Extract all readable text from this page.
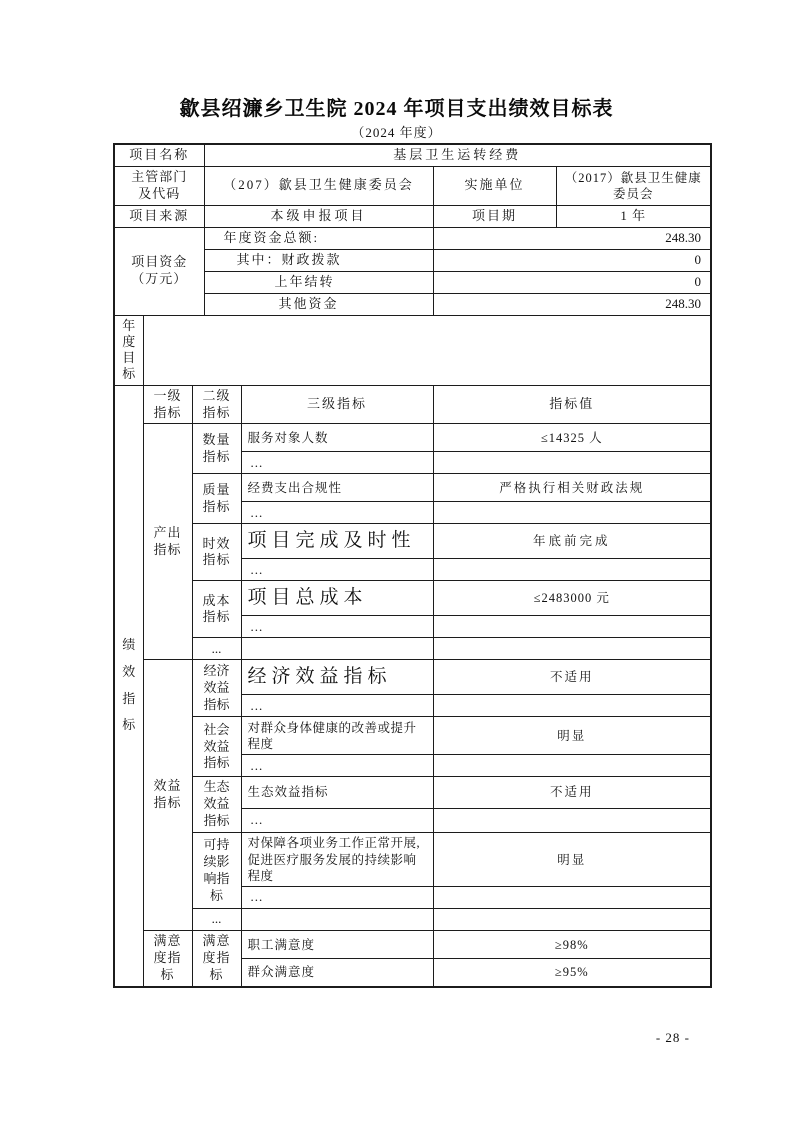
歙县绍濂乡卫生院 2024 年项目支出绩效目标表
（2024 年度）
项目名称			基层卫生运转经费			
主管部门及代码			（207）歙县卫生健康委员会		实施单位	（2017）歙县卫生健康委员会
项目来源			本级申报项目		项目期	1 年
项目资金（万元）			年度资金总额:		248.30	
			其中：财政拨款		0	
			上年结转		0	
			其他资金		248.30	
年度目标						
绩效指标	一级指标	二级指标		三级指标	指标值	
	产出指标	数量指标		服务对象人数	≤14325 人	
				...		
		质量指标		经费支出合规性	严格执行相关财政法规	
				...		
		时效指标		项目完成及时性	年底前完成	
				...		
		成本指标		项目总成本	≤2483000 元	
				...		
		...				
	效益指标	经济效益指标		经济效益指标	不适用	
				...		
		社会效益指标		对群众身体健康的改善或提升程度	明显	
				...		
		生态效益指标		生态效益指标	不适用	
				...		
		可持续影响指标		对保障各项业务工作正常开展,促进医疗服务发展的持续影响程度	明显	
				...		
		...				
	满意度指标	满意度指标		职工满意度	≥98%	
				群众满意度	≥95%	
- 28 -
